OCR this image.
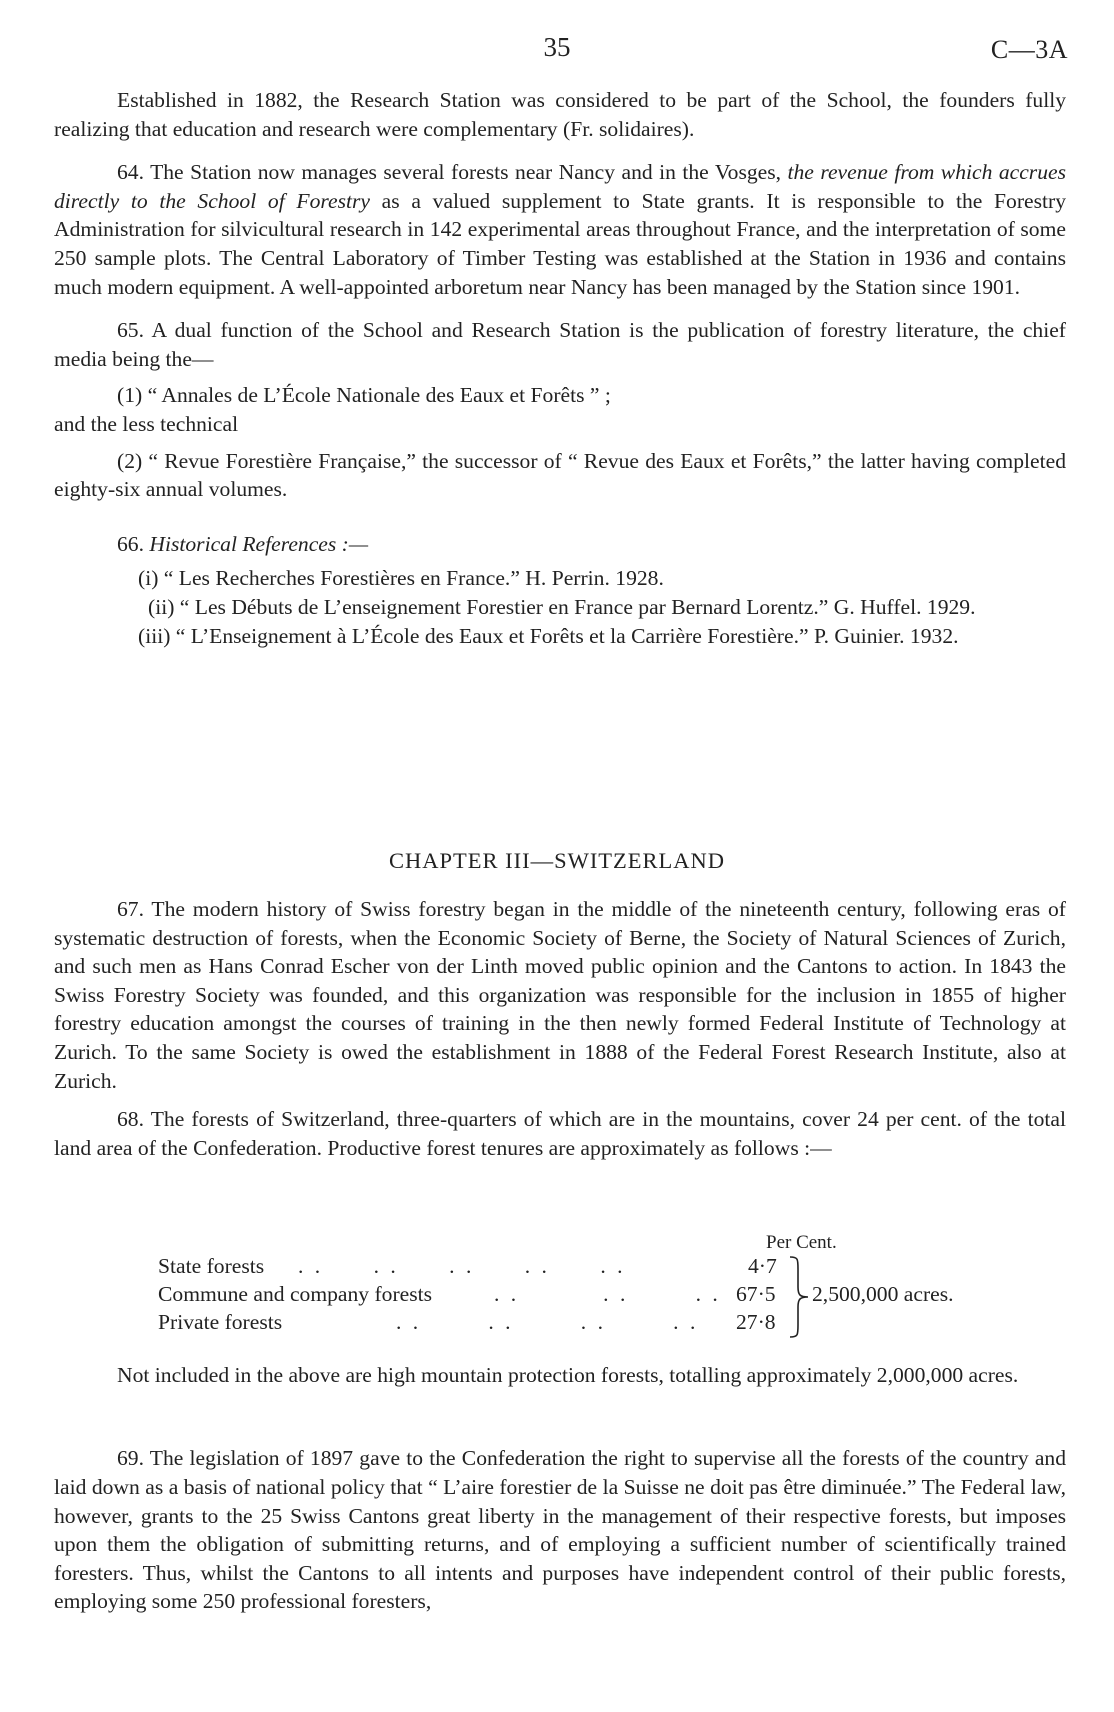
35	C—3A

Established in 1882, the Research Station was considered to be part of the School, the founders fully realizing that education and research were complementary (Fr. solidaires).

64. The Station now manages several forests near Nancy and in the Vosges, the revenue from which accrues directly to the School of Forestry as a valued supplement to State grants. It is responsible to the Forestry Administration for silvicultural research in 142 experimental areas throughout France, and the interpretation of some 250 sample plots. The Central Laboratory of Timber Testing was established at the Station in 1936 and contains much modern equipment. A well-appointed arboretum near Nancy has been managed by the Station since 1901.

65. A dual function of the School and Research Station is the publication of forestry literature, the chief media being the—

(1) “ Annales de L’École Nationale des Eaux et Forêts ” ;

and the less technical

(2) “ Revue Forestière Française,” the successor of “ Revue des Eaux et Forêts,” the latter having completed eighty-six annual volumes.

66. Historical References :—

(i) “ Les Recherches Forestières en France.” H. Perrin. 1928.

(ii) “ Les Débuts de L’enseignement Forestier en France par Bernard Lorentz.” G. Huffel. 1929.

(iii) “ L’Enseignement à L’École des Eaux et Forêts et la Carrière Forestière.” P. Guinier. 1932.

CHAPTER III—SWITZERLAND

67. The modern history of Swiss forestry began in the middle of the nineteenth century, following eras of systematic destruction of forests, when the Economic Society of Berne, the Society of Natural Sciences of Zurich, and such men as Hans Conrad Escher von der Linth moved public opinion and the Cantons to action. In 1843 the Swiss Forestry Society was founded, and this organization was responsible for the inclusion in 1855 of higher forestry education amongst the courses of training in the then newly formed Federal Institute of Technology at Zurich. To the same Society is owed the establishment in 1888 of the Federal Forest Research Institute, also at Zurich.

68. The forests of Switzerland, three-quarters of which are in the mountains, cover 24 per cent. of the total land area of the Confederation. Productive forest tenures are approximately as follows :—

Per Cent.
State forests . .      . .      . .      . .      . .	4·7
Commune and company forests	. .          . .        . . 67·5
Private forests	. .        . .        . .        . . 27·8
2,500,000 acres.

Not included in the above are high mountain protection forests, totalling approximately 2,000,000 acres.

69. The legislation of 1897 gave to the Confederation the right to supervise all the forests of the country and laid down as a basis of national policy that “ L’aire forestier de la Suisse ne doit pas être diminuée.” The Federal law, however, grants to the 25 Swiss Cantons great liberty in the management of their respective forests, but imposes upon them the obligation of submitting returns, and of employing a sufficient number of scientifically trained foresters. Thus, whilst the Cantons to all intents and purposes have independent control of their public forests, employing some 250 professional foresters,
